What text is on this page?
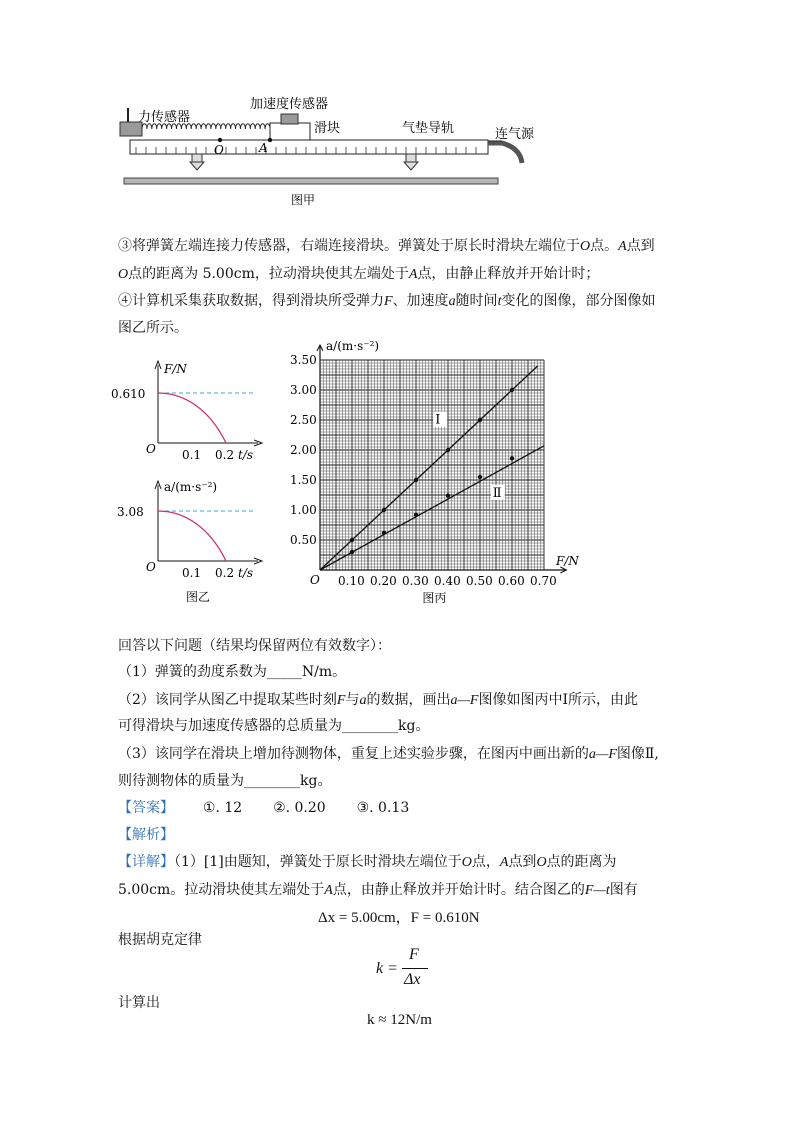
力传感器
加速度传感器
滑块	气垫导轨	连气源
O	A
图甲
③将弹簧左端连接力传感器，右端连接滑块。弹簧处于原长时滑块左端位于O点。A点到
O点的距离为 5.00cm，拉动滑块使其左端处于A点，由静止释放并开始计时；
④计算机采集获取数据，得到滑块所受弹力F、加速度a随时间t变化的图像，部分图像如
图乙所示。
F/N
0.610
O 0.1 0.2 t/s
a/(m·s⁻²)
3.08
O 0.1 0.2 t/s
图乙
Ⅰ
Ⅱ
0.10 0.20 0.30 0.40 0.50 0.60 0.70
0.50
1.00
1.50
2.00
2.50
3.00
3.50
O
F/N
a/(m·s⁻²)
图丙
回答以下问题（结果均保留两位有效数字）：
（1）弹簧的劲度系数为_____N/m。
（2）该同学从图乙中提取某些时刻F与a的数据，画出a—F图像如图丙中Ⅰ所示，由此
可得滑块与加速度传感器的总质量为________kg。
（3）该同学在滑块上增加待测物体，重复上述实验步骤，在图丙中画出新的a—F图像Ⅱ,
则待测物体的质量为________kg。
【答案】 ①. 12 ②. 0.20 ③. 0.13
【解析】
【详解】（1）[1]由题知，弹簧处于原长时滑块左端位于O点，A点到O点的距离为
5.00cm。拉动滑块使其左端处于A点，由静止释放并开始计时。结合图乙的F—t图有
Δx = 5.00cm，F = 0.610N
根据胡克定律
k =
F
Δx
计算出
k ≈ 12N/m
